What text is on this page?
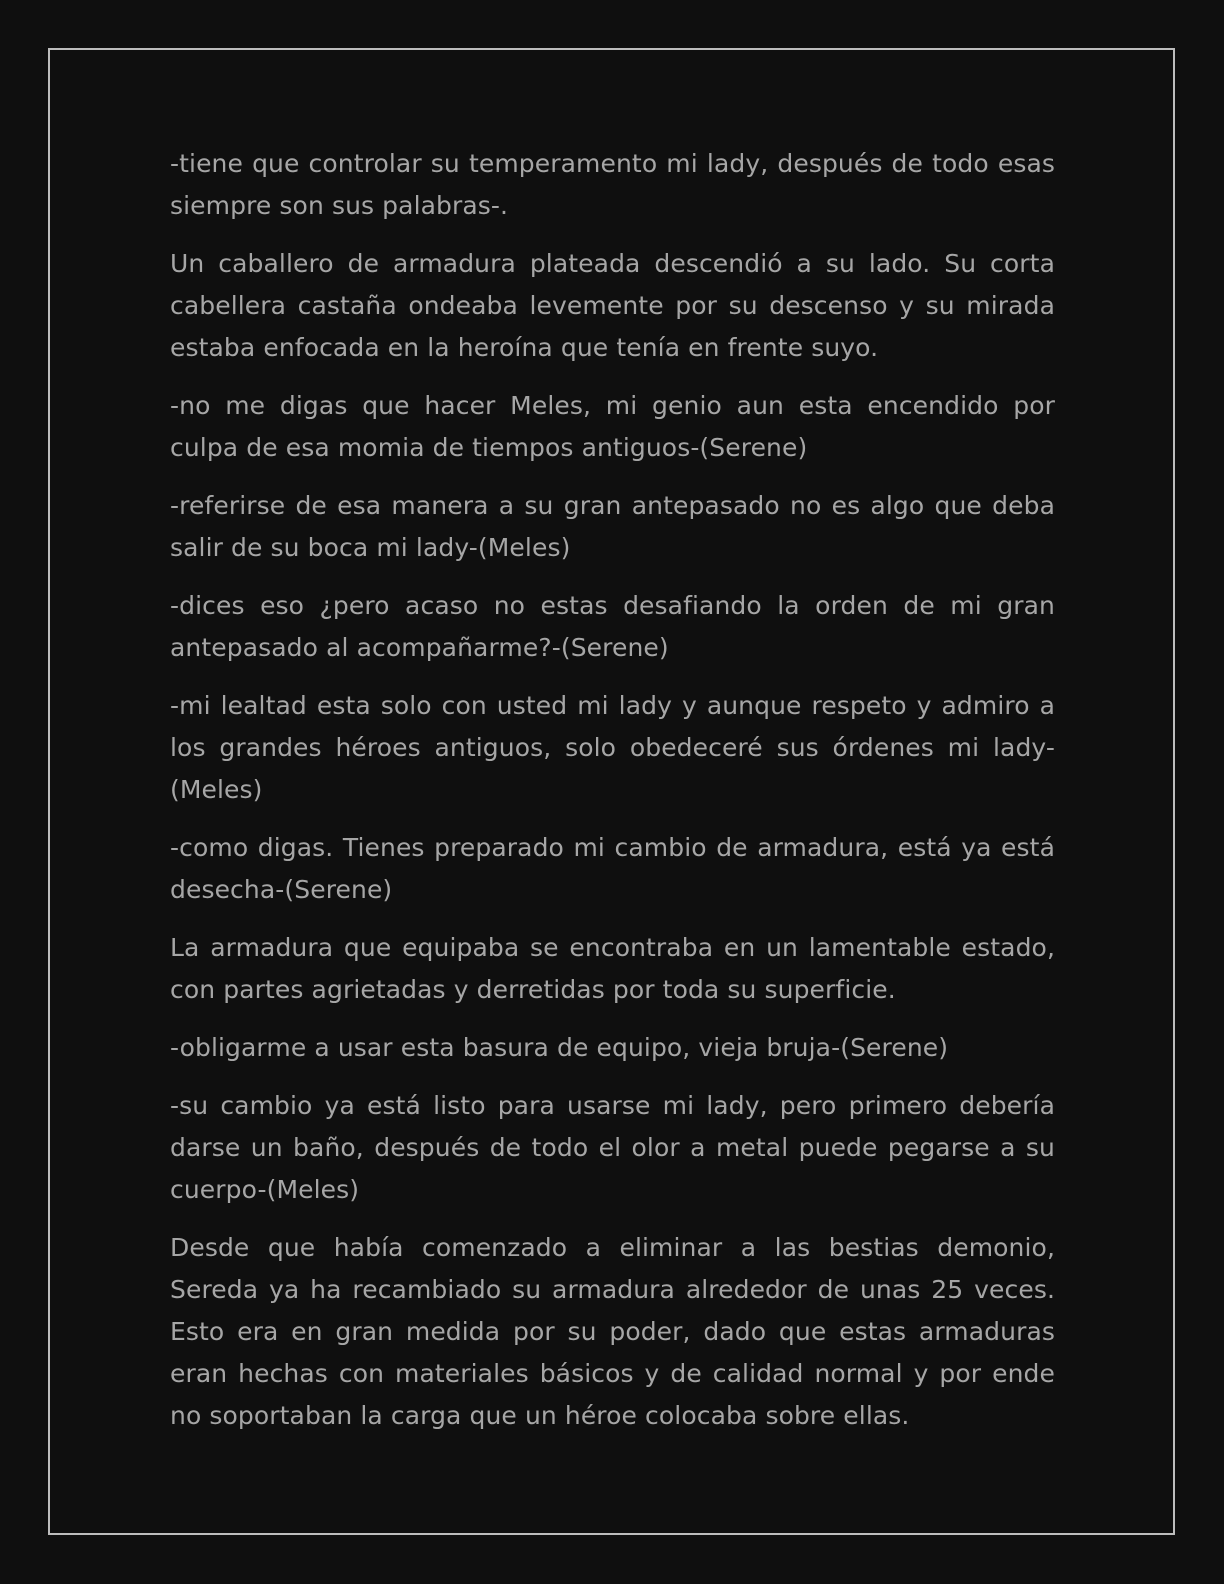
-tiene que controlar su temperamento mi lady, después de todo esas siempre son sus palabras-.

Un caballero de armadura plateada descendió a su lado. Su corta cabellera castaña ondeaba levemente por su descenso y su mirada estaba enfocada en la heroína que tenía en frente suyo.

-no me digas que hacer Meles, mi genio aun esta encendido por culpa de esa momia de tiempos antiguos-(Serene)

-referirse de esa manera a su gran antepasado no es algo que deba salir de su boca mi lady-(Meles)

-dices eso ¿pero acaso no estas desafiando la orden de mi gran antepasado al acompañarme?-(Serene)

-mi lealtad esta solo con usted mi lady y aunque respeto y admiro a los grandes héroes antiguos, solo obedeceré sus órdenes mi lady-(Meles)

-como digas. Tienes preparado mi cambio de armadura, está ya está desecha-(Serene)

La armadura que equipaba se encontraba en un lamentable estado, con partes agrietadas y derretidas por toda su superficie.

-obligarme a usar esta basura de equipo, vieja bruja-(Serene)

-su cambio ya está listo para usarse mi lady, pero primero debería darse un baño, después de todo el olor a metal puede pegarse a su cuerpo-(Meles)

Desde que había comenzado a eliminar a las bestias demonio, Sereda ya ha recambiado su armadura alrededor de unas 25 veces. Esto era en gran medida por su poder, dado que estas armaduras eran hechas con materiales básicos y de calidad normal y por ende no soportaban la carga que un héroe colocaba sobre ellas.
